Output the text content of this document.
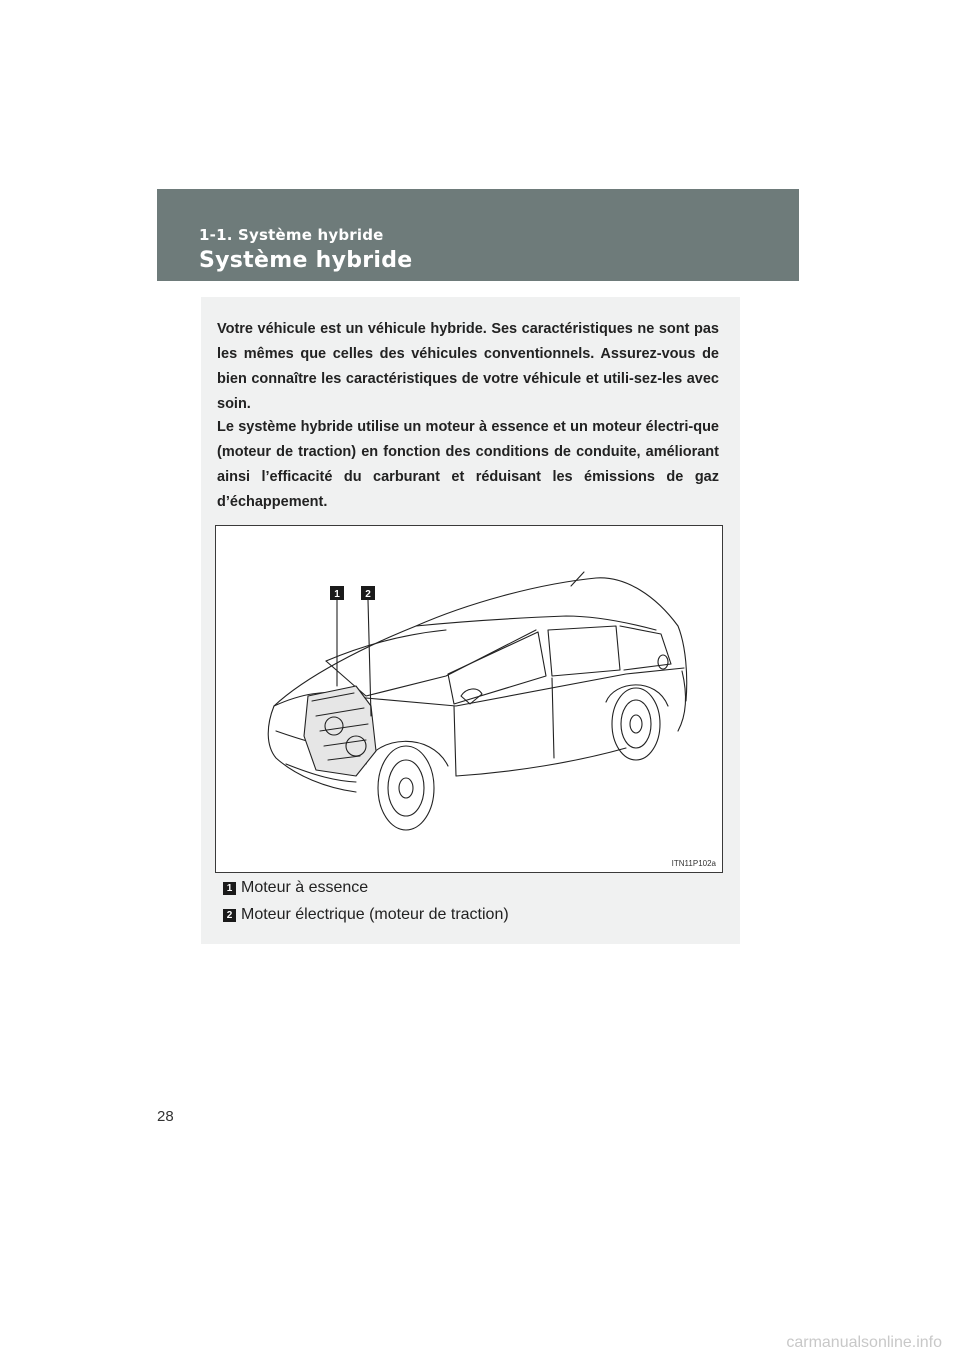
1-1. Système hybride
Système hybride

Votre véhicule est un véhicule hybride. Ses caractéristiques ne sont pas les mêmes que celles des véhicules conventionnels. Assurez-vous de bien connaître les caractéristiques de votre véhicule et utili-sez-les avec soin.

Le système hybride utilise un moteur à essence et un moteur électri-que (moteur de traction) en fonction des conditions de conduite, améliorant ainsi l’efficacité du carburant et réduisant les émissions de gaz d’échappement.

1	2
ITN11P102a
1 Moteur à essence
2 Moteur électrique (moteur de traction)
28
carmanualsonline.info
